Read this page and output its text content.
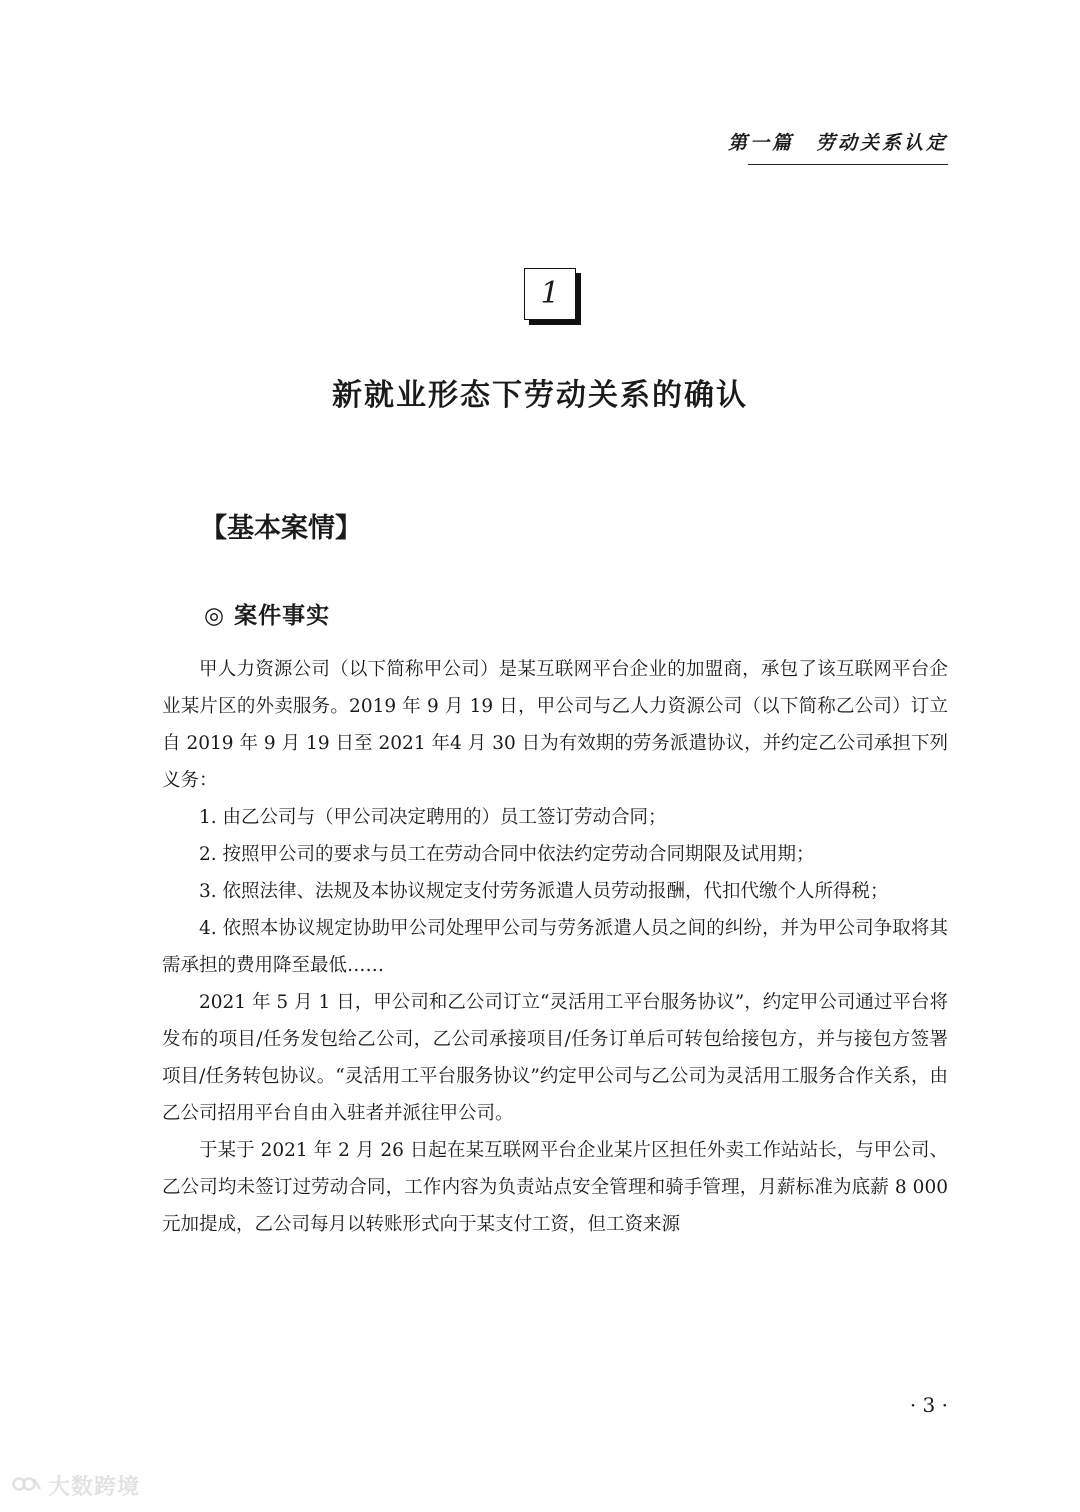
第一篇　劳动关系认定
1
新就业形态下劳动关系的确认
【基本案情】
◎ 案件事实

甲人力资源公司（以下简称甲公司）是某互联网平台企业的加盟商，承包了该互联网平台企业某片区的外卖服务。2019 年 9 月 19 日，甲公司与乙人力资源公司（以下简称乙公司）订立自 2019 年 9 月 19 日至 2021 年4 月 30 日为有效期的劳务派遣协议，并约定乙公司承担下列义务：

1. 由乙公司与（甲公司决定聘用的）员工签订劳动合同；

2. 按照甲公司的要求与员工在劳动合同中依法约定劳动合同期限及试用期；

3. 依照法律、法规及本协议规定支付劳务派遣人员劳动报酬，代扣代缴个人所得税；

4. 依照本协议规定协助甲公司处理甲公司与劳务派遣人员之间的纠纷，并为甲公司争取将其需承担的费用降至最低……

2021 年 5 月 1 日，甲公司和乙公司订立“灵活用工平台服务协议”，约定甲公司通过平台将发布的项目/任务发包给乙公司，乙公司承接项目/任务订单后可转包给接包方，并与接包方签署项目/任务转包协议。“灵活用工平台服务协议”约定甲公司与乙公司为灵活用工服务合作关系，由乙公司招用平台自由入驻者并派往甲公司。

于某于 2021 年 2 月 26 日起在某互联网平台企业某片区担任外卖工作站站长，与甲公司、乙公司均未签订过劳动合同，工作内容为负责站点安全管理和骑手管理，月薪标准为底薪 8 000 元加提成，乙公司每月以转账形式向于某支付工资，但工资来源

· 3 ·
大数跨境
